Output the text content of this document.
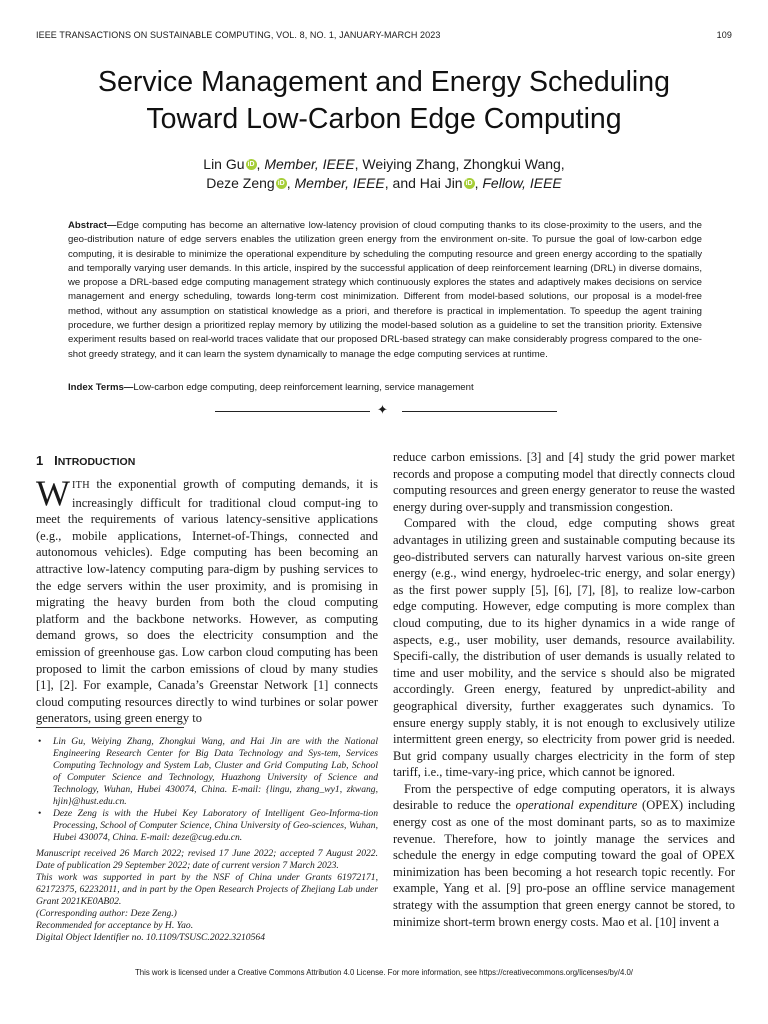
IEEE TRANSACTIONS ON SUSTAINABLE COMPUTING, VOL. 8, NO. 1, JANUARY-MARCH 2023	109
Service Management and Energy Scheduling
Toward Low-Carbon Edge Computing
Lin Gu iD , Member, IEEE, Weiying Zhang, Zhongkui Wang,
Deze Zeng iD , Member, IEEE, and Hai Jin iD , Fellow, IEEE
Abstract—Edge computing has become an alternative low-latency provision of cloud computing thanks to its close-proximity to the users, and the geo-distribution nature of edge servers enables the utilization green energy from the environment on-site. To pursue the goal of low-carbon edge computing, it is desirable to minimize the operational expenditure by scheduling the computing resource and green energy according to the spatially and temporally varying user demands. In this article, inspired by the successful application of deep reinforcement learning (DRL) in diverse domains, we propose a DRL-based edge computing management strategy which continuously explores the states and adaptively makes decisions on service management and energy scheduling, towards long-term cost minimization. Different from model-based solutions, our proposal is a model-free method, without any assumption on statistical knowledge as a priori, and therefore is practical in implementation. To speedup the agent training procedure, we further design a prioritized replay memory by utilizing the model-based solution as a guideline to set the transition priority. Extensive experiment results based on real-world traces validate that our proposed DRL-based strategy can make considerably progress compared to the one-shot greedy strategy, and it can learn the system dynamically to manage the edge computing services at runtime.
Index Terms—Low-carbon edge computing, deep reinforcement learning, service management
✦
1 INTRODUCTION

WITH the exponential growth of computing demands, it is increasingly difficult for traditional cloud comput-ing to meet the requirements of various latency-sensitive applications (e.g., mobile applications, Internet-of-Things, connected and autonomous vehicles). Edge computing has been becoming an attractive low-latency computing para-digm by pushing services to the edge servers within the user proximity, and is promising in migrating the heavy burden from both the cloud computing platform and the backbone networks. However, as computing demand grows, so does the electricity consumption and the emission of greenhouse gas. Low carbon cloud computing has been proposed to limit the carbon emissions of cloud by many studies [1], [2]. For example, Canada’s Greenstar Network [1] connects cloud computing resources directly to wind turbines or solar power generators, using green energy to

• Lin Gu, Weiying Zhang, Zhongkui Wang, and Hai Jin are with the National Engineering Research Center for Big Data Technology and Sys-tem, Services Computing Technology and System Lab, Cluster and Grid Computing Lab, School of Computer Science and Technology, Huazhong University of Science and Technology, Wuhan, Hubei 430074, China. E-mail: {lingu, zhang_wy1, zkwang, hjin}@hust.edu.cn.
• Deze Zeng is with the Hubei Key Laboratory of Intelligent Geo-Informa-tion Processing, School of Computer Science, China University of Geo-sciences, Wuhan, Hubei 430074, China. E-mail: deze@cug.edu.cn.

Manuscript received 26 March 2022; revised 17 June 2022; accepted 7 August 2022. Date of publication 29 September 2022; date of current version 7 March 2023.

This work was supported in part by the NSF of China under Grants 61972171, 62172375, 62232011, and in part by the Open Research Projects of Zhejiang Lab under Grant 2021KE0AB02.

(Corresponding author: Deze Zeng.)

Recommended for acceptance by H. Yao.

Digital Object Identifier no. 10.1109/TSUSC.2022.3210564

reduce carbon emissions. [3] and [4] study the grid power market records and propose a computing model that directly connects cloud computing resources and green energy generator to reuse the wasted energy during over-supply and transmission congestion.

Compared with the cloud, edge computing shows great advantages in utilizing green and sustainable computing because its geo-distributed servers can naturally harvest various on-site green energy (e.g., wind energy, hydroelec-tric energy, and solar energy) as the first power supply [5], [6], [7], [8], to realize low-carbon edge computing. However, edge computing is more complex than cloud computing, due to its higher dynamics in a wide range of aspects, e.g., user mobility, user demands, resource availability. Specifi-cally, the distribution of user demands is usually related to time and user mobility, and the service s should also be migrated accordingly. Green energy, featured by unpredict-ability and geographical diversity, further exaggerates such dynamics. To ensure energy supply stably, it is not enough to exclusively utilize intermittent green energy, so electricity from power grid is needed. But grid company usually charges electricity in the form of step tariff, i.e., time-vary-ing price, which cannot be ignored.

From the perspective of edge computing operators, it is always desirable to reduce the operational expenditure (OPEX) including energy cost as one of the most dominant parts, so as to maximize revenue. Therefore, how to jointly manage the services and schedule the energy in edge computing toward the goal of OPEX minimization has been becoming a hot research topic recently. For example, Yang et al. [9] pro-pose an offline service management strategy with the assumption that green energy cannot be stored, to minimize short-term brown energy costs. Mao et al. [10] invent a

This work is licensed under a Creative Commons Attribution 4.0 License. For more information, see https://creativecommons.org/licenses/by/4.0/
